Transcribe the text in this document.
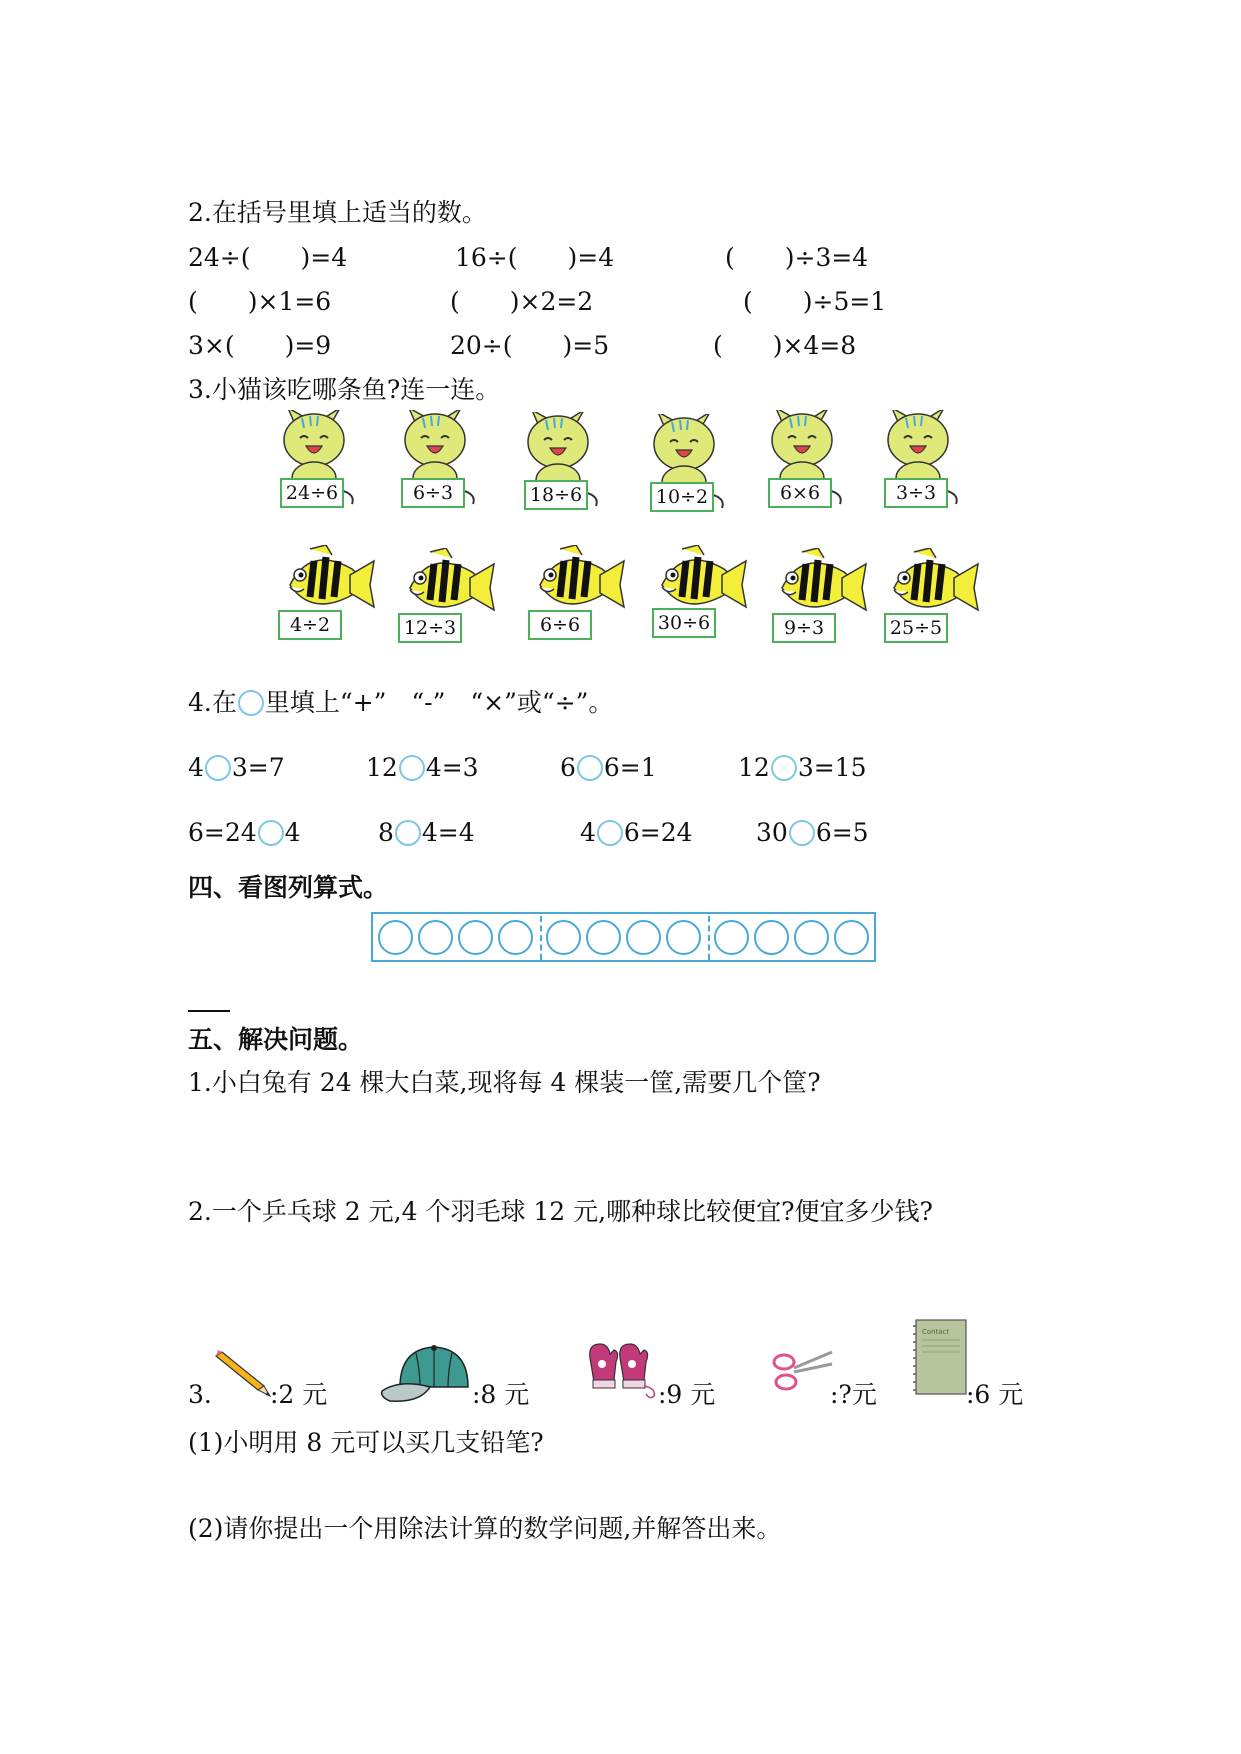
2.在括号里填上适当的数。
24÷(　　)=4	16÷(　　)=4	(　　)÷3=4
(　　)×1=6	(　　)×2=2	(　　)÷5=1
3×(　　)=9	20÷(　　)=5	(　　)×4=8
3.小猫该吃哪条鱼?连一连。
24÷6	6÷3	18÷6	10÷2	6×6	3÷3
4÷2	12÷3	6÷6	30÷6	9÷3	25÷5
4.在 里填上“+”　“-”　“×”或“÷”。
4 3=7	12 4=3	6 6=1	12 3=15
6=24 4	8 4=4	4 6=24	30 6=5
四、看图列算式。
五、解决问题。
1.小白兔有 24 棵大白菜,现将每 4 棵装一筐,需要几个筐?
2.一个乒乓球 2 元,4 个羽毛球 12 元,哪种球比较便宜?便宜多少钱?
3. :2 元	:8 元	:9 元	:?元
Contact
:6 元
(1)小明用 8 元可以买几支铅笔?
(2)请你提出一个用除法计算的数学问题,并解答出来。
